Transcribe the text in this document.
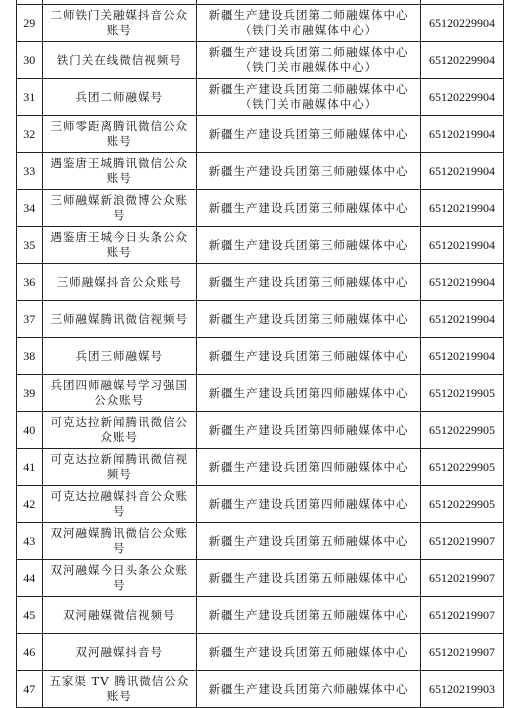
29	二师铁门关融媒抖音公众账号	新疆生产建设兵团第二师融媒体中心（铁门关市融媒体中心）	65120229904
30	铁门关在线微信视频号	新疆生产建设兵团第二师融媒体中心（铁门关市融媒体中心）	65120229904
31	兵团二师融媒号	新疆生产建设兵团第二师融媒体中心（铁门关市融媒体中心）	65120229904
32	三师零距离腾讯微信公众账号	新疆生产建设兵团第三师融媒体中心	65120219904
33	遇鉴唐王城腾讯微信公众账号	新疆生产建设兵团第三师融媒体中心	65120219904
34	三师融媒新浪微博公众账号	新疆生产建设兵团第三师融媒体中心	65120219904
35	遇鉴唐王城今日头条公众账号	新疆生产建设兵团第三师融媒体中心	65120219904
36	三师融媒抖音公众账号	新疆生产建设兵团第三师融媒体中心	65120219904
37	三师融媒腾讯微信视频号	新疆生产建设兵团第三师融媒体中心	65120219904
38	兵团三师融媒号	新疆生产建设兵团第三师融媒体中心	65120219904
39	兵团四师融媒号学习强国公众账号	新疆生产建设兵团第四师融媒体中心	65120219905
40	可克达拉新闻腾讯微信公众账号	新疆生产建设兵团第四师融媒体中心	65120229905
41	可克达拉新闻腾讯微信视频号	新疆生产建设兵团第四师融媒体中心	65120229905
42	可克达拉融媒抖音公众账号	新疆生产建设兵团第四师融媒体中心	65120229905
43	双河融媒腾讯微信公众账号	新疆生产建设兵团第五师融媒体中心	65120219907
44	双河融媒今日头条公众账号	新疆生产建设兵团第五师融媒体中心	65120219907
45	双河融媒微信视频号	新疆生产建设兵团第五师融媒体中心	65120219907
46	双河融媒抖音号	新疆生产建设兵团第五师融媒体中心	65120219907
47	五家渠 TV 腾讯微信公众账号	新疆生产建设兵团第六师融媒体中心	65120219903
